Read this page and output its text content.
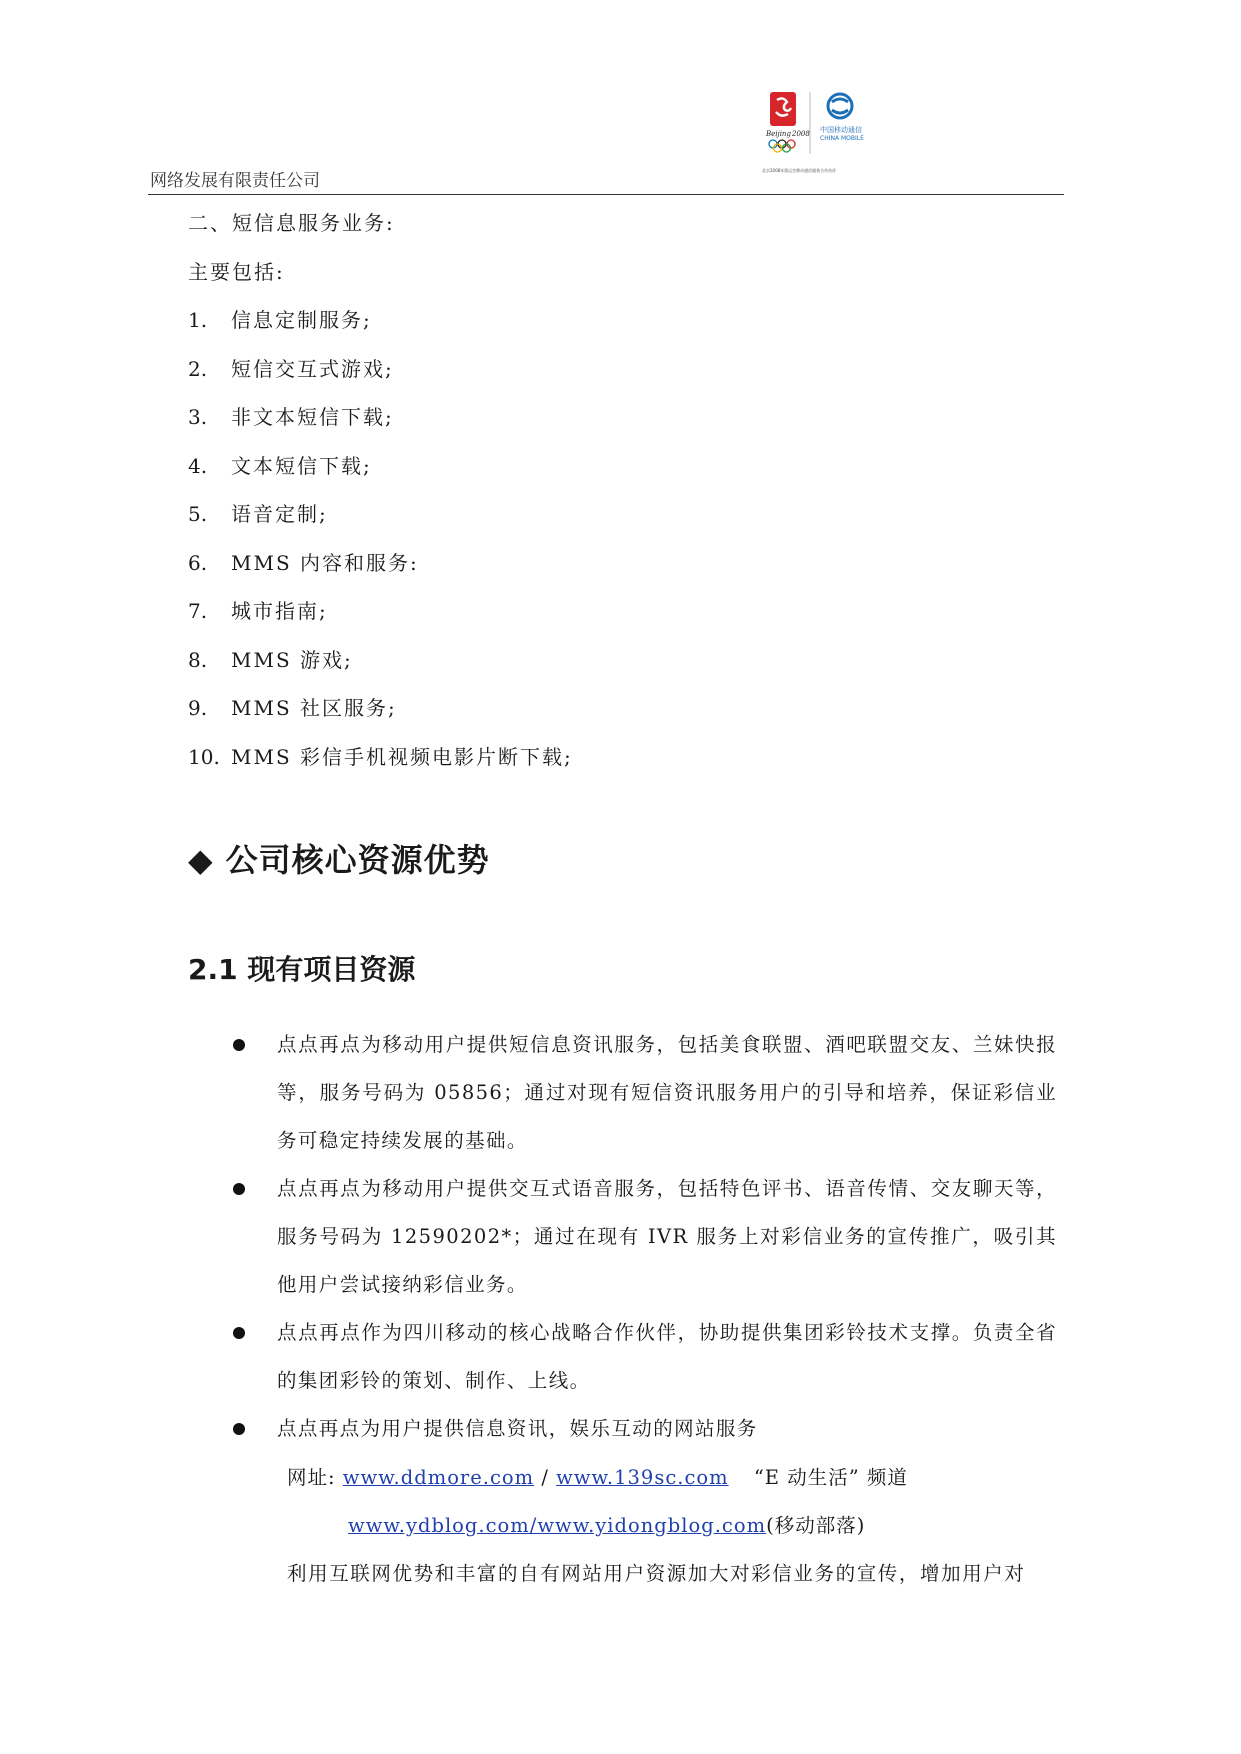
网络发展有限责任公司
Beijing 2008 中国移动通信
CHINA MOBILE
北京2008年奥运会移动通信服务合作伙伴
二、短信息服务业务:
主要包括:
1. 信息定制服务;
2. 短信交互式游戏;
3. 非文本短信下载;
4. 文本短信下载;
5. 语音定制;
6. MMS 内容和服务:
7. 城市指南;
8. MMS 游戏;
9. MMS 社区服务;
10. MMS 彩信手机视频电影片断下载;
◆ 公司核心资源优势
2.1 现有项目资源
点点再点为移动用户提供短信息资讯服务，包括美食联盟、酒吧联盟交友、兰妹快报等，服务号码为 05856；通过对现有短信资讯服务用户的引导和培养，保证彩信业务可稳定持续发展的基础。
点点再点为移动用户提供交互式语音服务，包括特色评书、语音传情、交友聊天等，服务号码为 12590202*；通过在现有 IVR 服务上对彩信业务的宣传推广，吸引其他用户尝试接纳彩信业务。
点点再点作为四川移动的核心战略合作伙伴，协助提供集团彩铃技术支撑。负责全省的集团彩铃的策划、制作、上线。
点点再点为用户提供信息资讯，娱乐互动的网站服务
网址: www.ddmore.com / www.139sc.com “E 动生活” 频道
www.ydblog.com/www.yidongblog.com(移动部落)
利用互联网优势和丰富的自有网站用户资源加大对彩信业务的宣传，增加用户对
